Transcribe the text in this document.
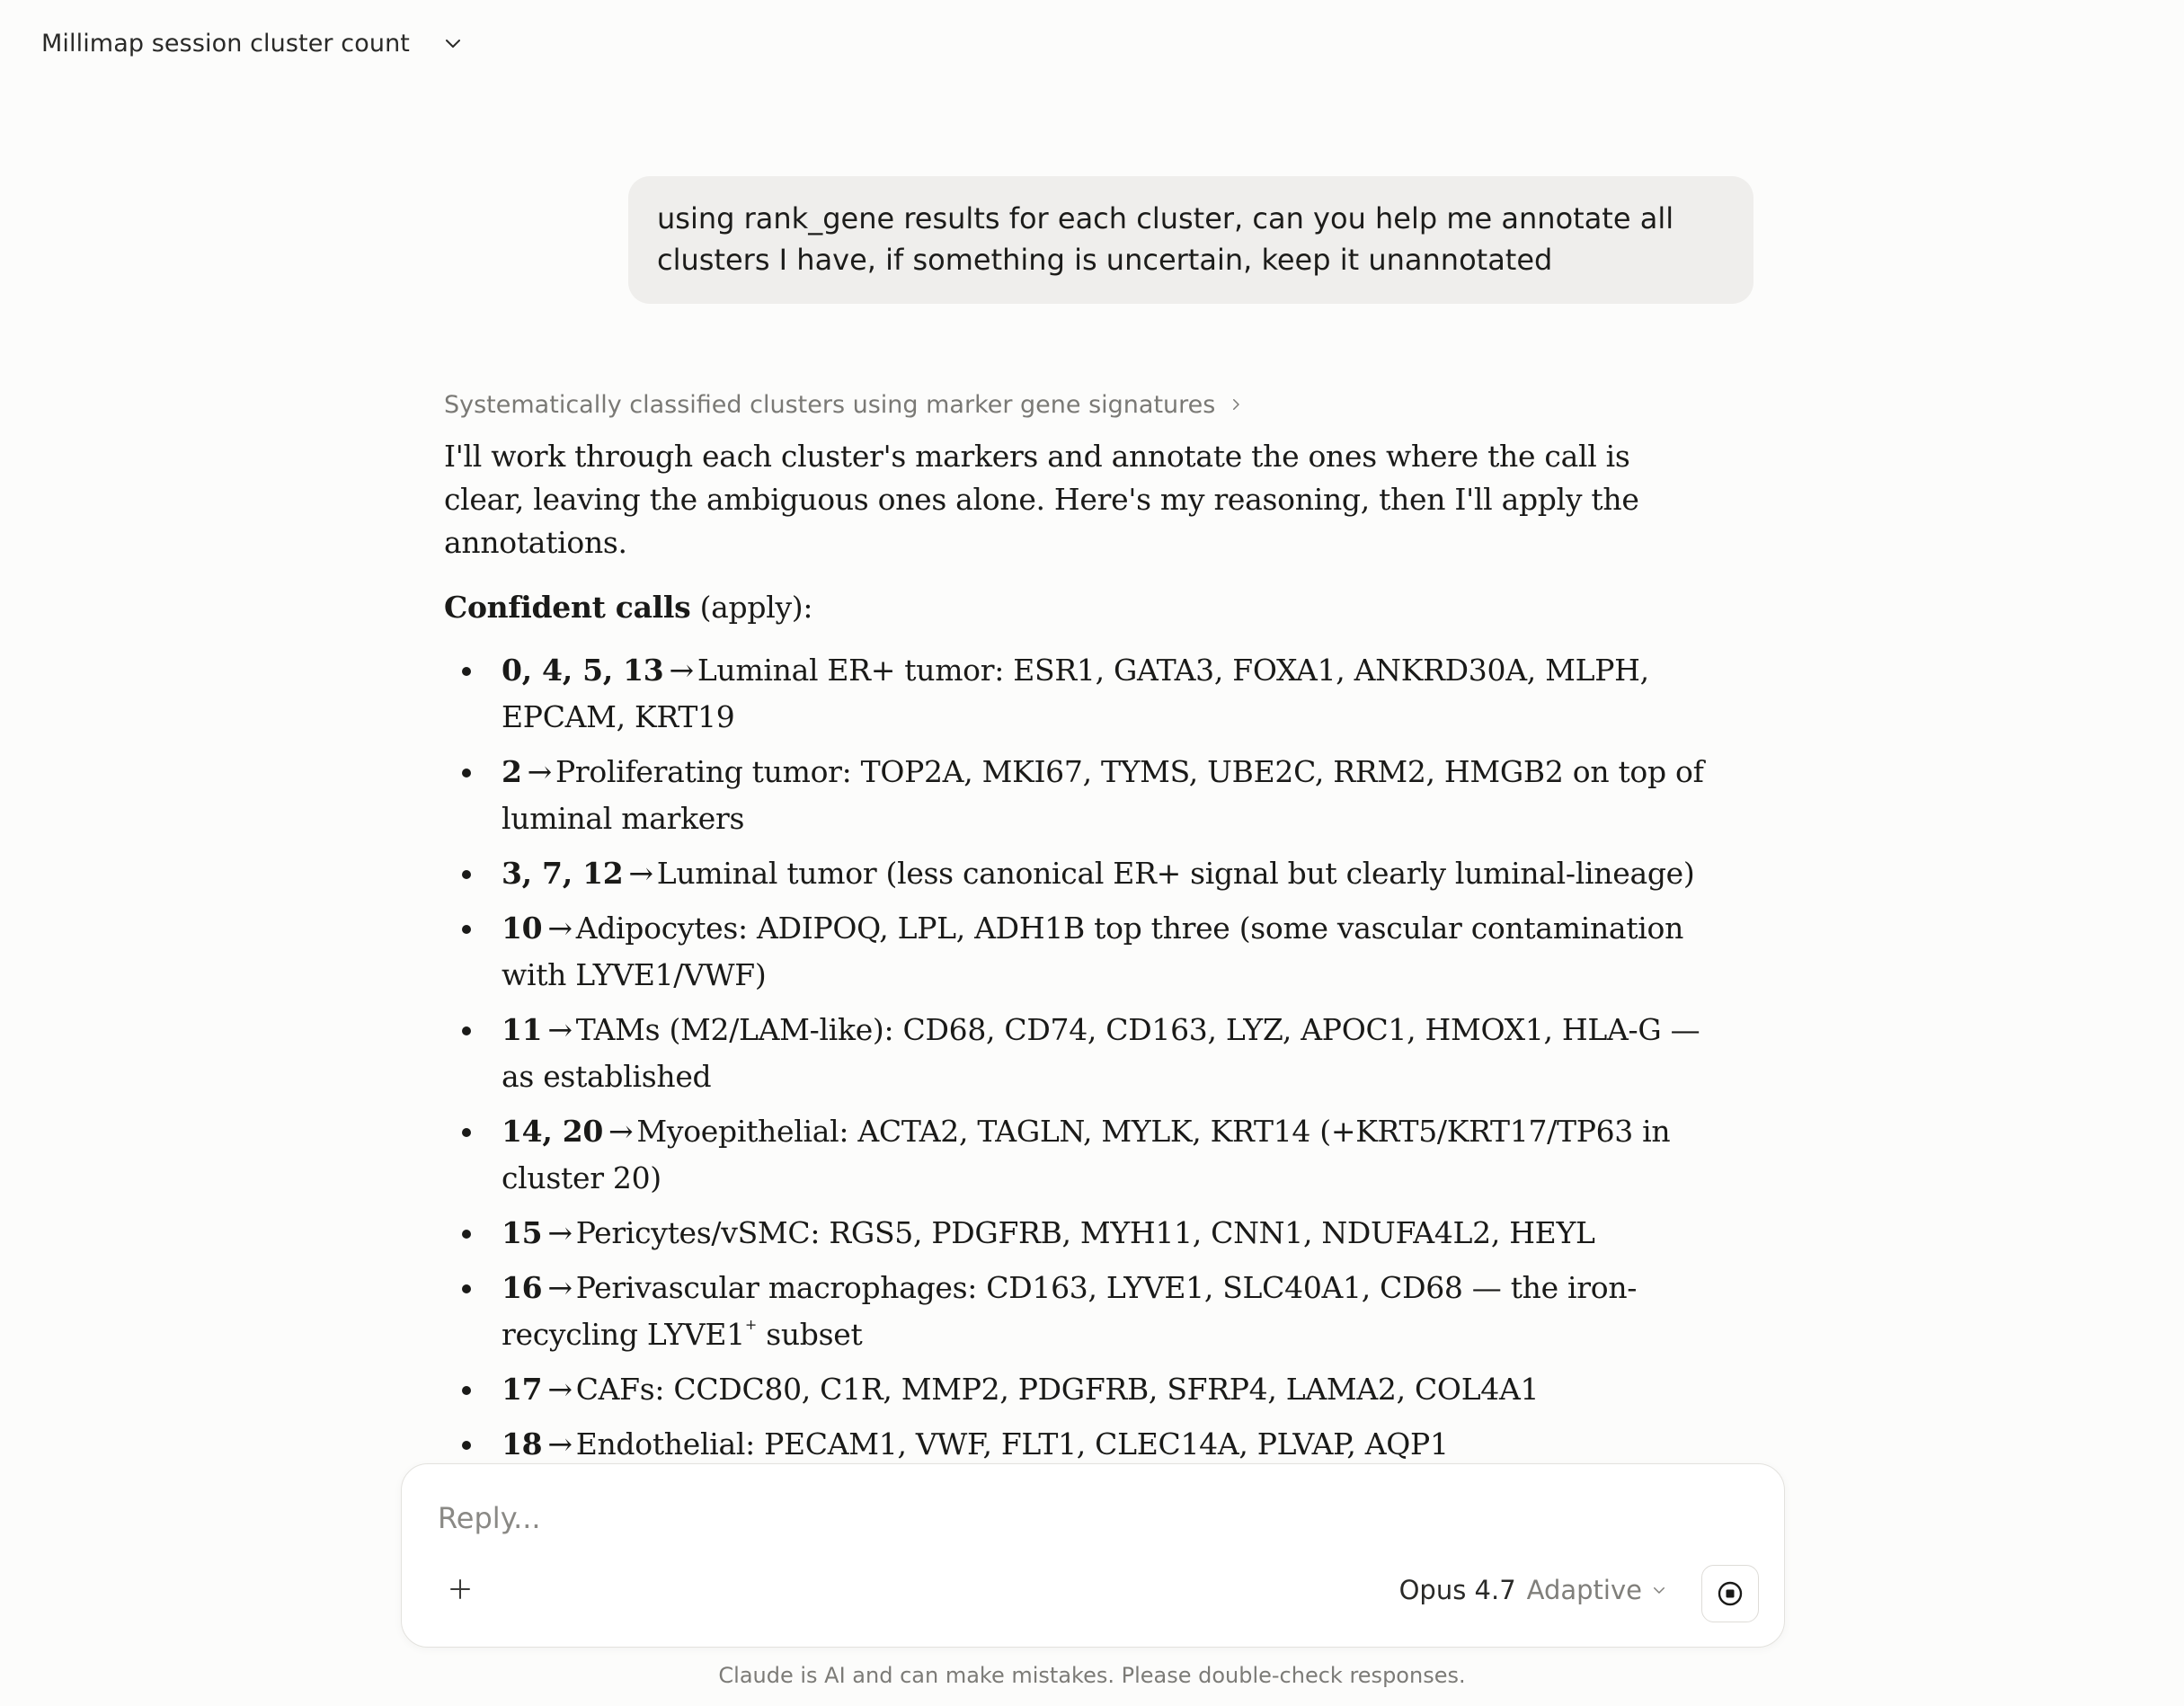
Millimap session cluster count
using rank_gene results for each cluster, can you help me annotate all clusters I have, if something is uncertain, keep it unannotated
Systematically classified clusters using marker gene signatures

I'll work through each cluster's markers and annotate the ones where the call is clear, leaving the ambiguous ones alone. Here's my reasoning, then I'll apply the annotations.

Confident calls (apply):

0, 4, 5, 13 → Luminal ER+ tumor: ESR1, GATA3, FOXA1, ANKRD30A, MLPH, EPCAM, KRT19
2 → Proliferating tumor: TOP2A, MKI67, TYMS, UBE2C, RRM2, HMGB2 on top of luminal markers
3, 7, 12 → Luminal tumor (less canonical ER+ signal but clearly luminal-lineage)
10 → Adipocytes: ADIPOQ, LPL, ADH1B top three (some vascular contamination with LYVE1/VWF)
11 → TAMs (M2/LAM-like): CD68, CD74, CD163, LYZ, APOC1, HMOX1, HLA-G — as established
14, 20 → Myoepithelial: ACTA2, TAGLN, MYLK, KRT14 (+KRT5/KRT17/TP63 in cluster 20)
15 → Pericytes/vSMC: RGS5, PDGFRB, MYH11, CNN1, NDUFA4L2, HEYL
16 → Perivascular macrophages: CD163, LYVE1, SLC40A1, CD68 — the iron-recycling LYVE1+ subset
17 → CAFs: CCDC80, C1R, MMP2, PDGFRB, SFRP4, LAMA2, COL4A1
18 → Endothelial: PECAM1, VWF, FLT1, CLEC14A, PLVAP, AQP1
Reply...
Opus 4.7 Adaptive
Claude is AI and can make mistakes. Please double-check responses.
